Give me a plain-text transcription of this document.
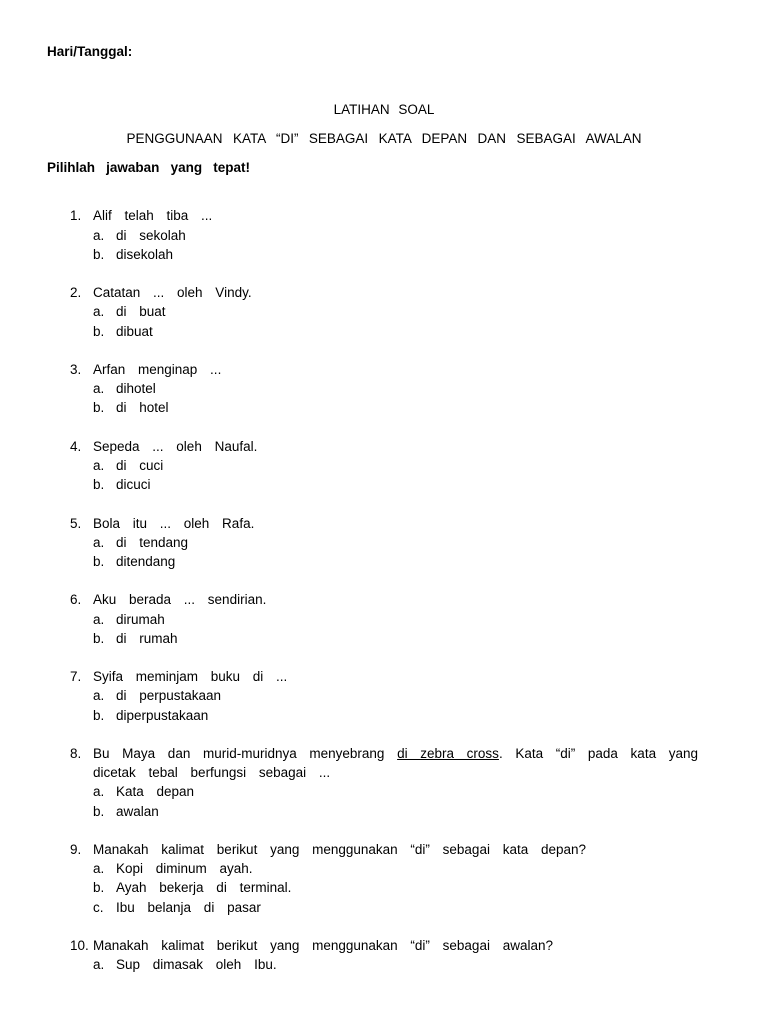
Hari/Tanggal:
LATIHAN SOAL
PENGGUNAAN KATA “DI” SEBAGAI KATA DEPAN DAN SEBAGAI AWALAN
Pilihlah jawaban yang tepat!
1. Alif telah tiba ...
a. di sekolah
b. disekolah
2. Catatan ... oleh Vindy.
a. di buat
b. dibuat
3. Arfan menginap ...
a. dihotel
b. di hotel
4. Sepeda ... oleh Naufal.
a. di cuci
b. dicuci
5. Bola itu ... oleh Rafa.
a. di tendang
b. ditendang
6. Aku berada ... sendirian.
a. dirumah
b. di rumah
7. Syifa meminjam buku di ...
a. di perpustakaan
b. diperpustakaan
8. Bu Maya dan murid-muridnya menyebrang di zebra cross. Kata “di” pada kata yang
dicetak tebal berfungsi sebagai ...
a. Kata depan
b. awalan
9. Manakah kalimat berikut yang menggunakan “di” sebagai kata depan?
a. Kopi diminum ayah.
b. Ayah bekerja di terminal.
c. Ibu belanja di pasar
10. Manakah kalimat berikut yang menggunakan “di” sebagai awalan?
a. Sup dimasak oleh Ibu.
